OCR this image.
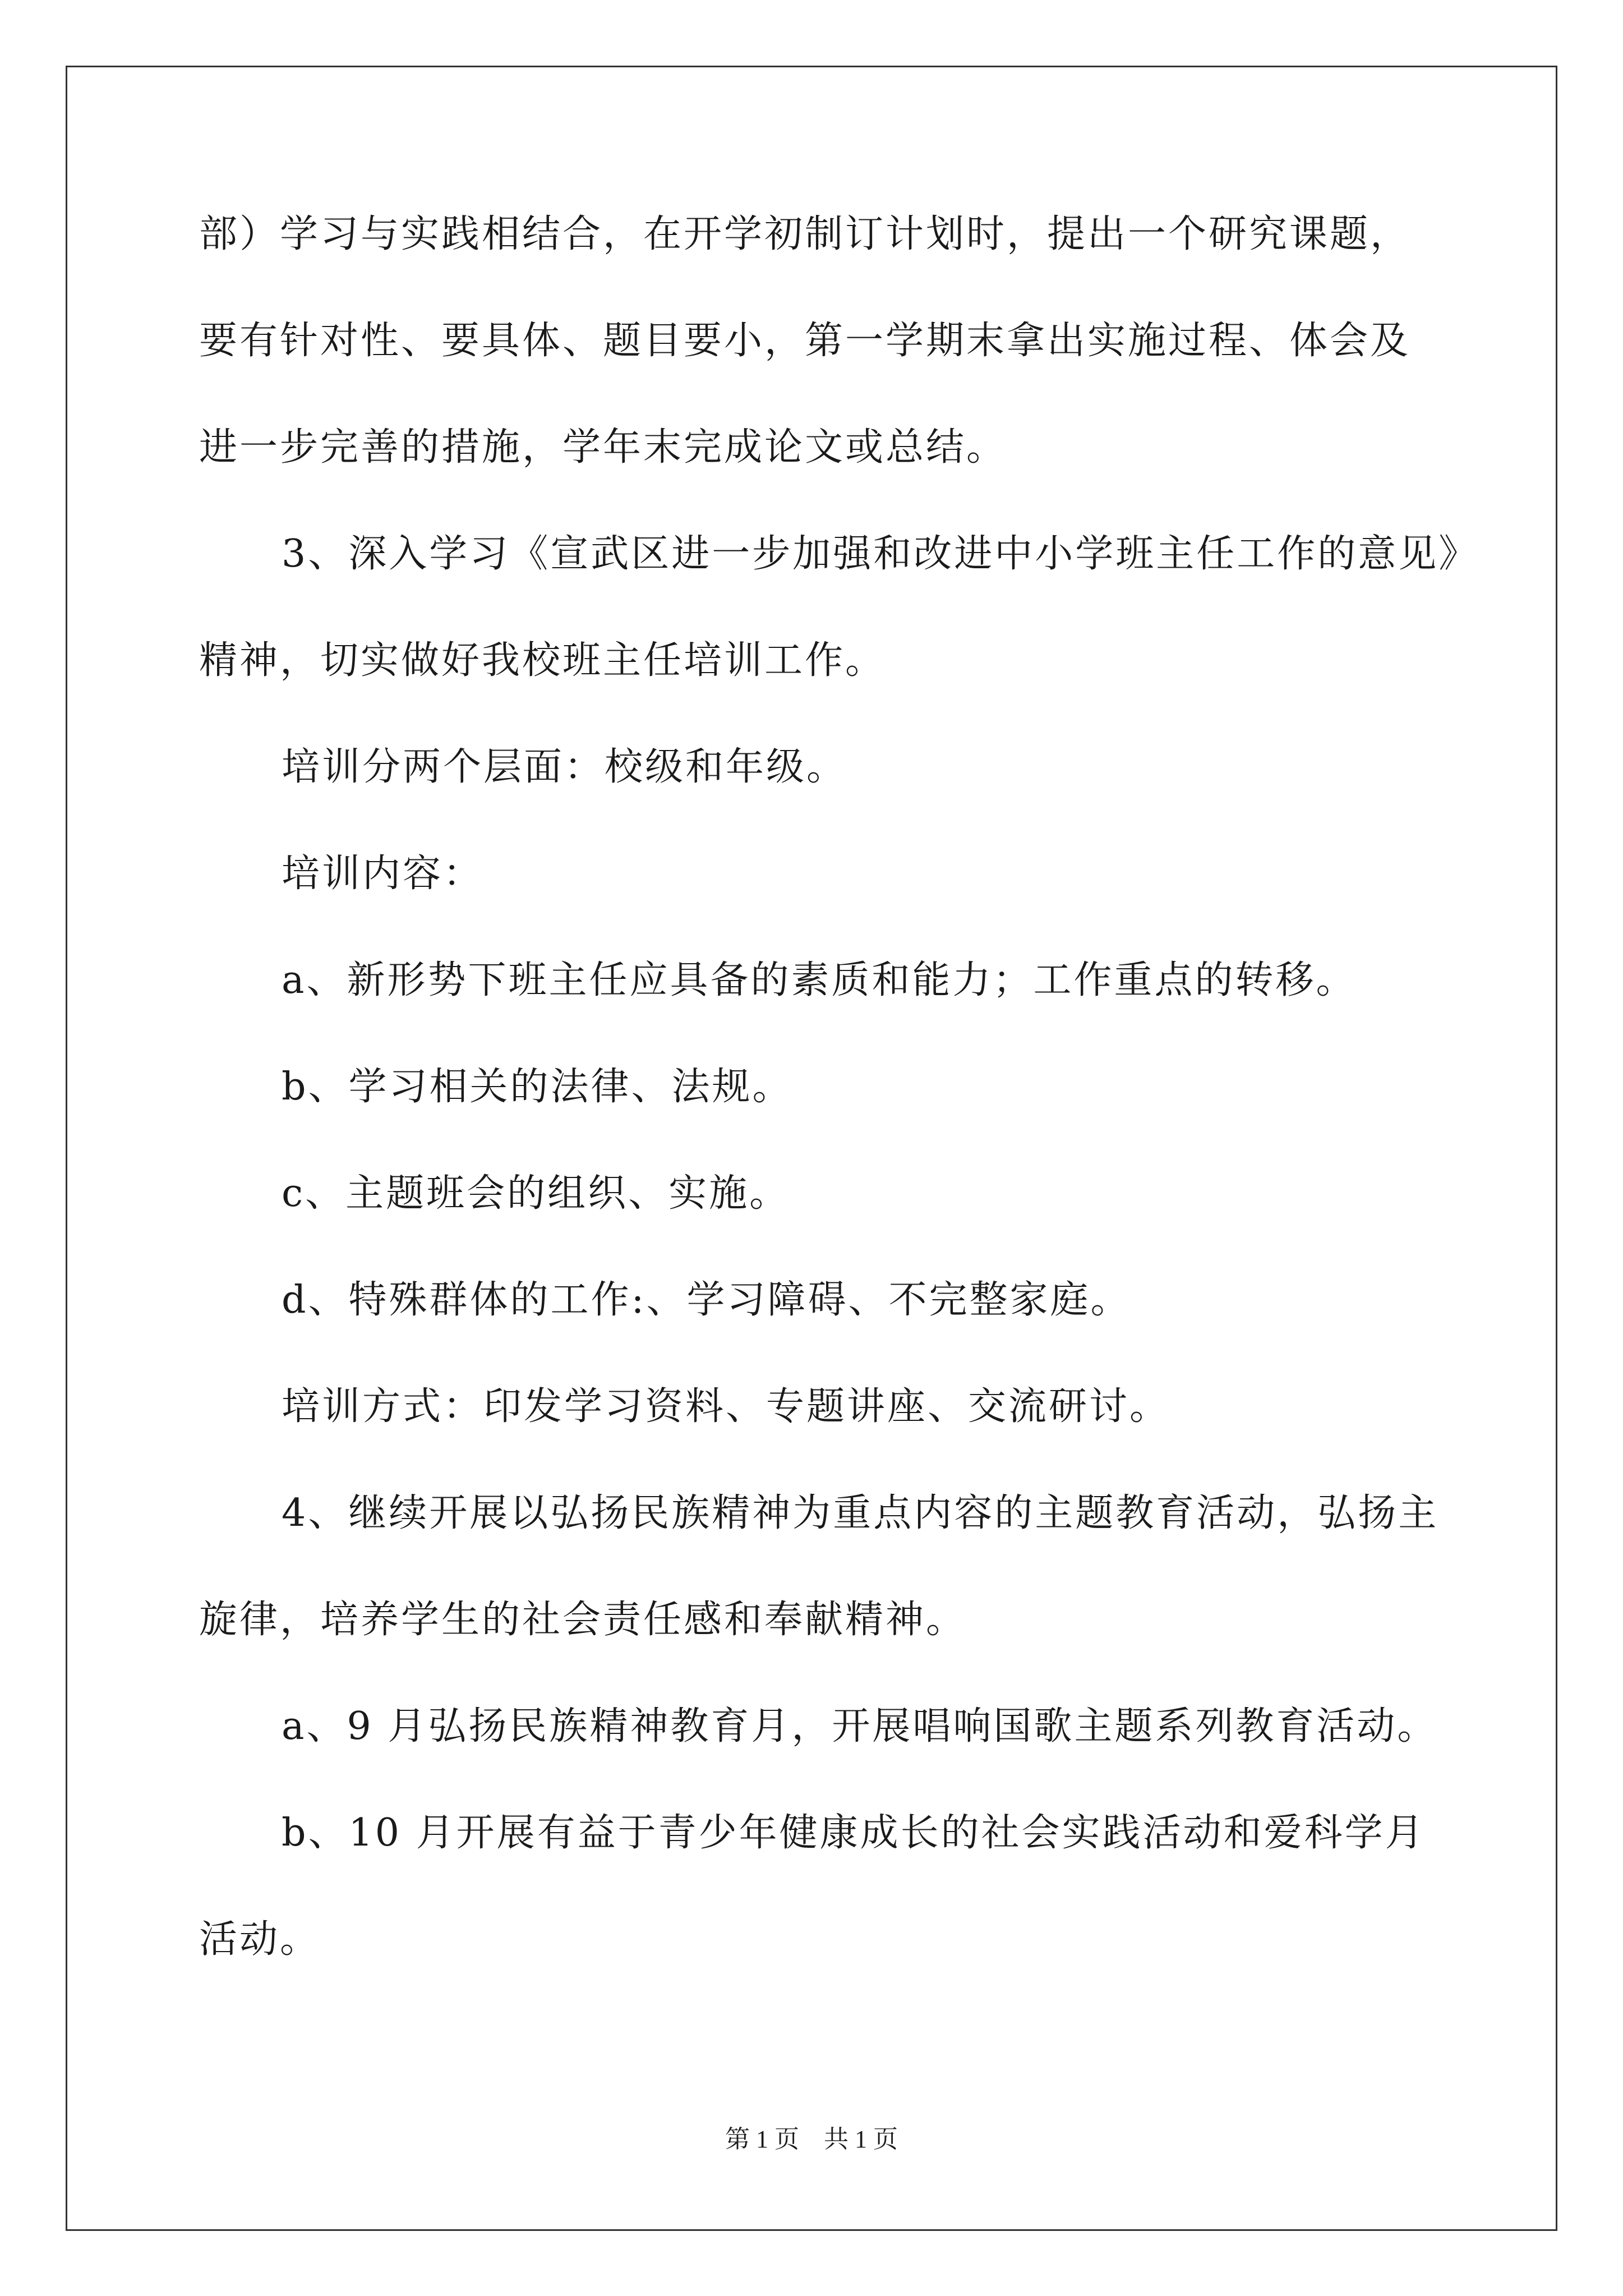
部）学习与实践相结合，在开学初制订计划时，提出一个研究课题，
要有针对性、要具体、题目要小，第一学期末拿出实施过程、体会及
进一步完善的措施，学年末完成论文或总结。
3、深入学习《宣武区进一步加强和改进中小学班主任工作的意见》
精神，切实做好我校班主任培训工作。
培训分两个层面：校级和年级。
培训内容：
a、新形势下班主任应具备的素质和能力；工作重点的转移。
b、学习相关的法律、法规。
c、主题班会的组织、实施。
d、特殊群体的工作:、学习障碍、不完整家庭。
培训方式：印发学习资料、专题讲座、交流研讨。
4、继续开展以弘扬民族精神为重点内容的主题教育活动，弘扬主
旋律，培养学生的社会责任感和奉献精神。
a、9 月弘扬民族精神教育月，开展唱响国歌主题系列教育活动。
b、10 月开展有益于青少年健康成长的社会实践活动和爱科学月
活动。
第 1 页　共 1 页
